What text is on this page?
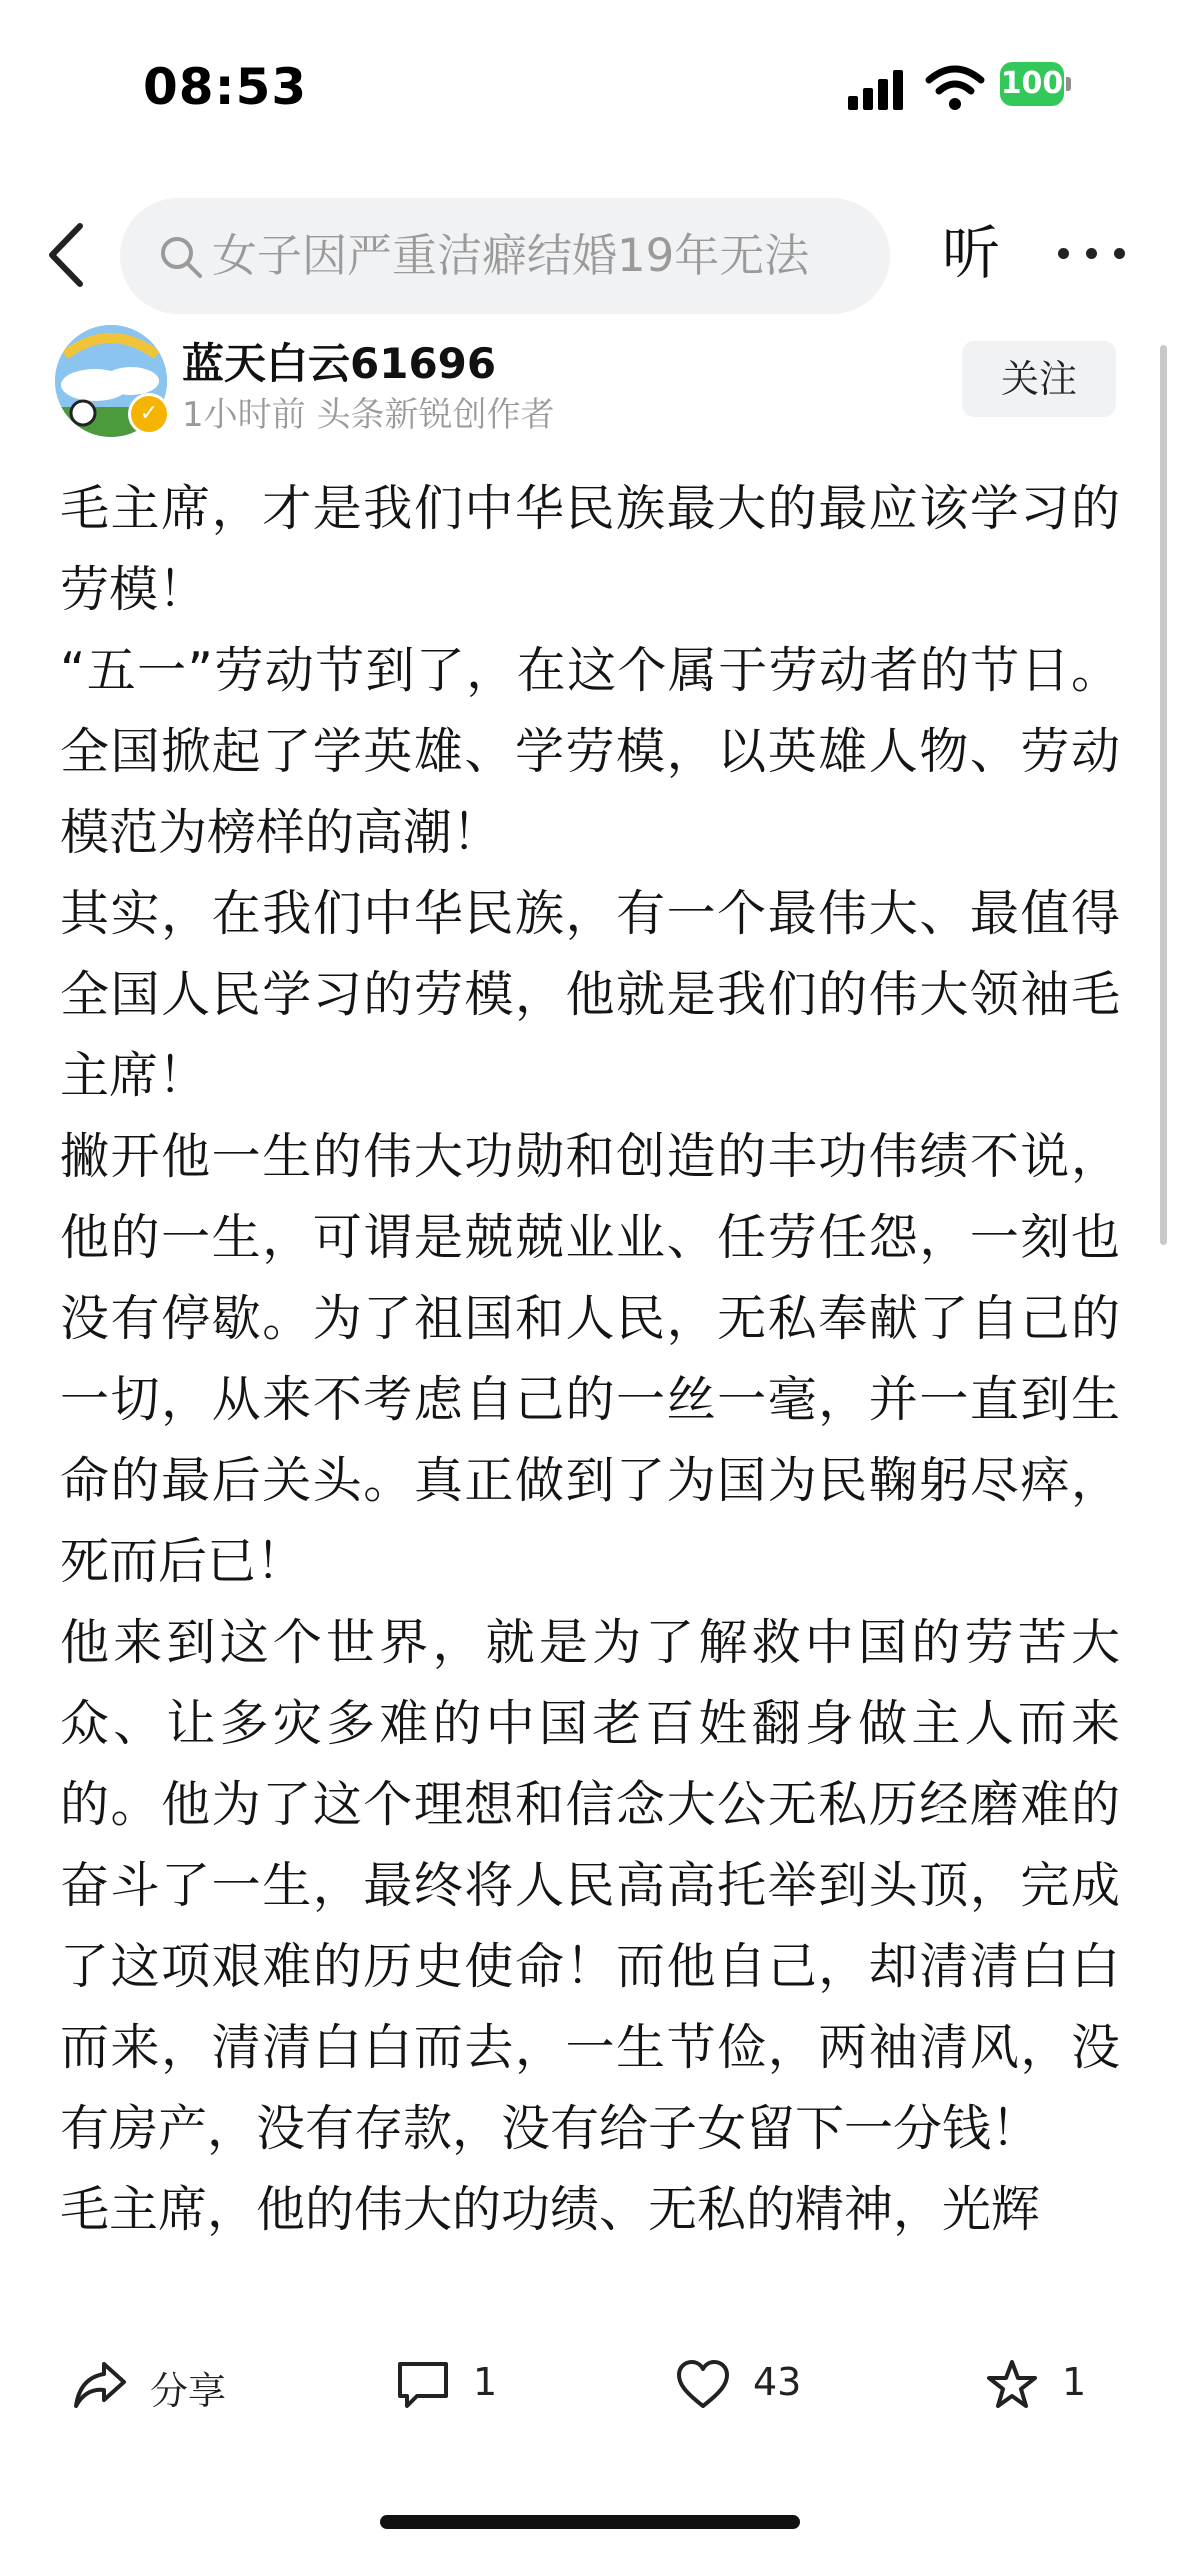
08:53	100
女子因严重洁癖结婚19年无法	听
✓
蓝天白云61696
1小时前 头条新锐创作者
关注

毛主席，才是我们中华民族最大的最应该学习的劳模！

“五一”劳动节到了，在这个属于劳动者的节日。全国掀起了学英雄、学劳模，以英雄人物、劳动模范为榜样的高潮！

其实，在我们中华民族，有一个最伟大、最值得全国人民学习的劳模，他就是我们的伟大领袖毛主席！

撇开他一生的伟大功勋和创造的丰功伟绩不说，他的一生，可谓是兢兢业业、任劳任怨，一刻也没有停歇。为了祖国和人民，无私奉献了自己的一切，从来不考虑自己的一丝一毫，并一直到生命的最后关头。真正做到了为国为民鞠躬尽瘁，死而后已！

他来到这个世界，就是为了解救中国的劳苦大众、让多灾多难的中国老百姓翻身做主人而来的。他为了这个理想和信念大公无私历经磨难的奋斗了一生，最终将人民高高托举到头顶，完成了这项艰难的历史使命！而他自己，却清清白白而来，清清白白而去，一生节俭，两袖清风，没有房产，没有存款，没有给子女留下一分钱！

毛主席，他的伟大的功绩、无私的精神，光辉

分享	1	43	1
